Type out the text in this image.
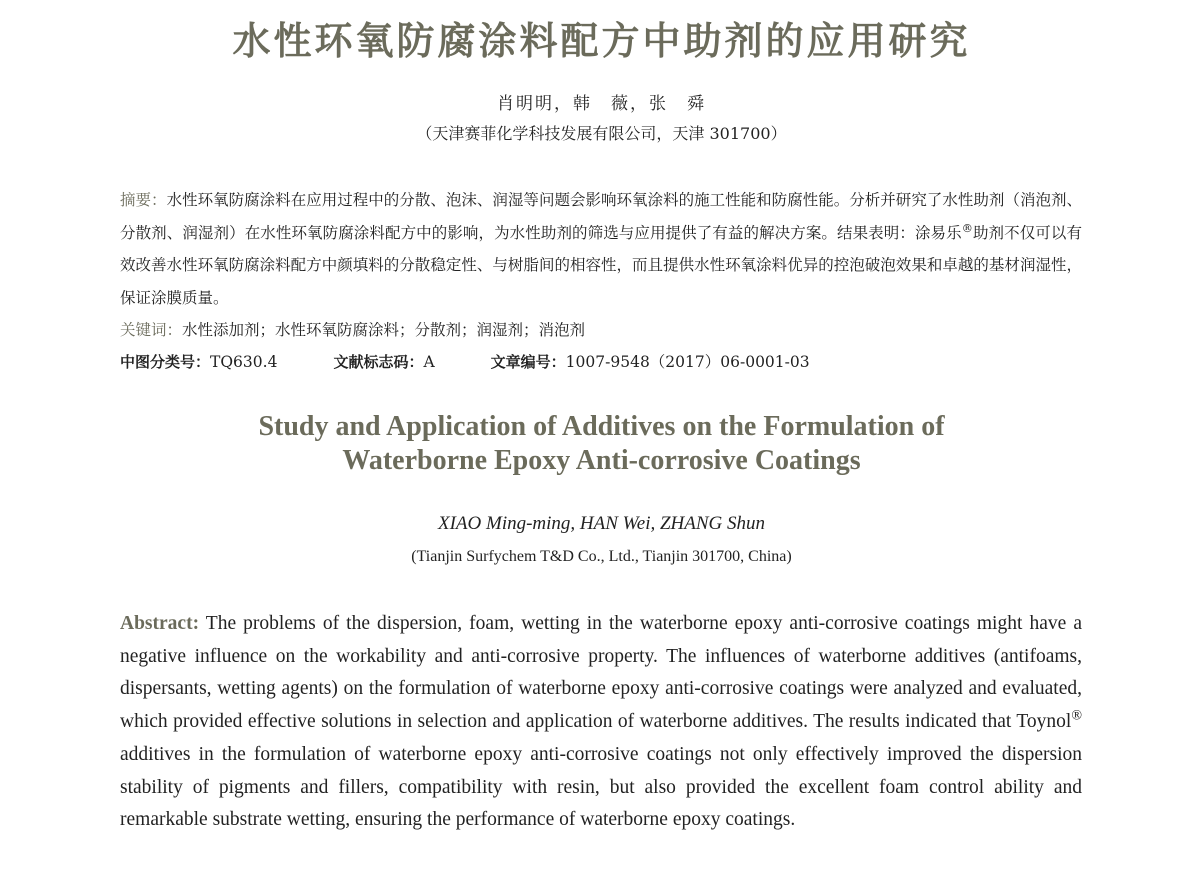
水性环氧防腐涂料配方中助剂的应用研究
肖明明，韩　薇，张　舜
（天津赛菲化学科技发展有限公司，天津 301700）
摘要：水性环氧防腐涂料在应用过程中的分散、泡沫、润湿等问题会影响环氧涂料的施工性能和防腐性能。分析并研究了水性助剂（消泡剂、分散剂、润湿剂）在水性环氧防腐涂料配方中的影响，为水性助剂的筛选与应用提供了有益的解决方案。结果表明：涂易乐®助剂不仅可以有效改善水性环氧防腐涂料配方中颜填料的分散稳定性、与树脂间的相容性，而且提供水性环氧涂料优异的控泡破泡效果和卓越的基材润湿性，保证涂膜质量。
关键词：水性添加剂；水性环氧防腐涂料；分散剂；润湿剂；消泡剂
中图分类号：TQ630.4	文献标志码：A	文章编号：1007-9548（2017）06-0001-03
Study and Application of Additives on the Formulation of
Waterborne Epoxy Anti-corrosive Coatings
XIAO Ming-ming, HAN Wei, ZHANG Shun
(Tianjin Surfychem T&D Co., Ltd., Tianjin 301700, China)
Abstract: The problems of the dispersion, foam, wetting in the waterborne epoxy anti-corrosive coatings might have a negative influence on the workability and anti-corrosive property. The influences of waterborne additives (antifoams, dispersants, wetting agents) on the formulation of waterborne epoxy anti-corrosive coatings were analyzed and evaluated, which provided effective solutions in selection and application of waterborne additives. The results indicated that Toynol® additives in the formulation of waterborne epoxy anti-corrosive coatings not only effectively improved the dispersion stability of pigments and fillers, compatibility with resin, but also provided the excellent foam control ability and remarkable substrate wetting, ensuring the performance of waterborne epoxy coatings.
